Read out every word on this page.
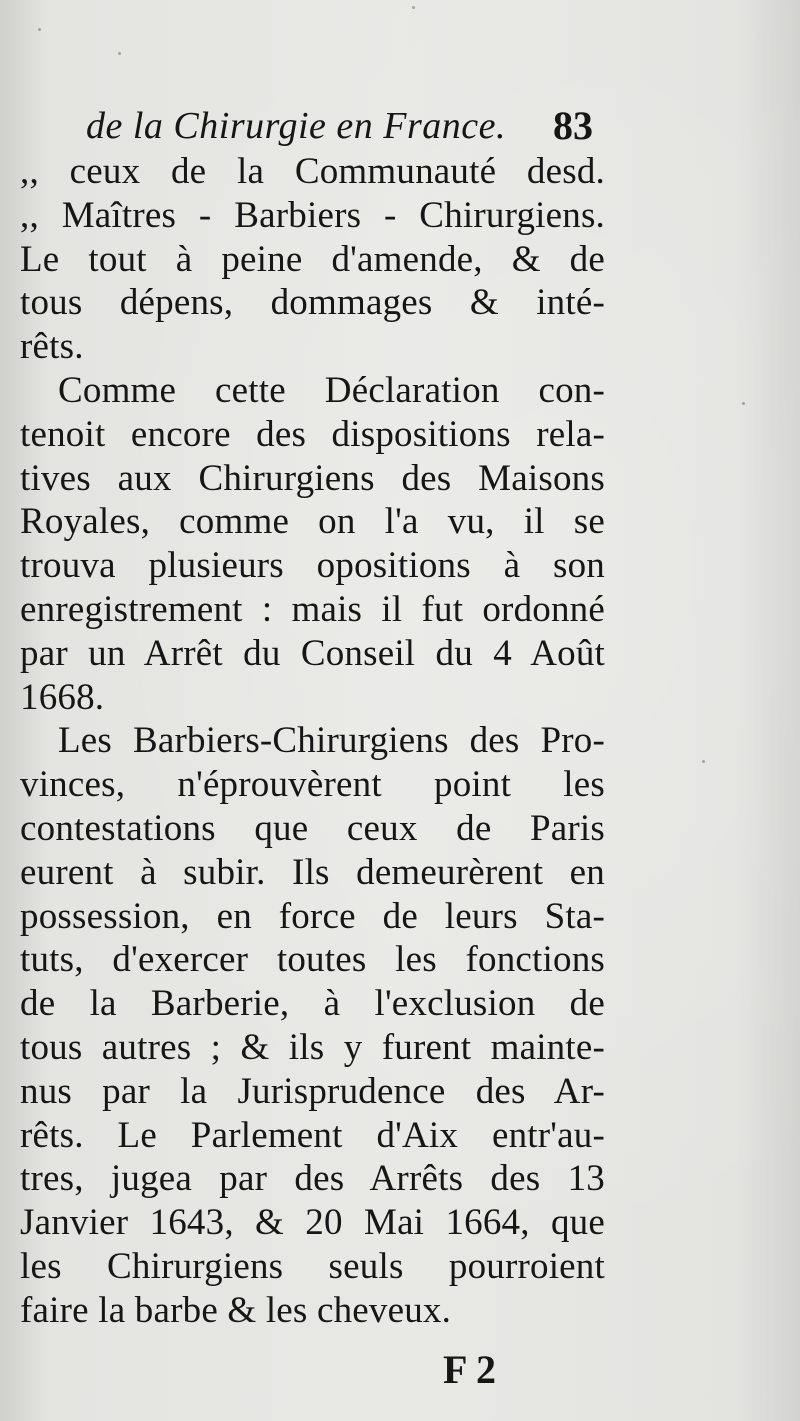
de la Chirurgie en France. 83
,, ceux de la Communauté desd.
,, Maîtres - Barbiers - Chirurgiens.
Le tout à peine d'amende, & de
tous dépens, dommages & inté-
rêts.
Comme cette Déclaration con-
tenoit encore des dispositions rela-
tives aux Chirurgiens des Maisons
Royales, comme on l'a vu, il se
trouva plusieurs opositions à son
enregistrement : mais il fut ordonné
par un Arrêt du Conseil du 4 Août
1668.
Les Barbiers-Chirurgiens des Pro-
vinces, n'éprouvèrent point les
contestations que ceux de Paris
eurent à subir. Ils demeurèrent en
possession, en force de leurs Sta-
tuts, d'exercer toutes les fonctions
de la Barberie, à l'exclusion de
tous autres ; & ils y furent mainte-
nus par la Jurisprudence des Ar-
rêts. Le Parlement d'Aix entr'au-
tres, jugea par des Arrêts des 13
Janvier 1643, & 20 Mai 1664, que
les Chirurgiens seuls pourroient
faire la barbe & les cheveux.
F 2
